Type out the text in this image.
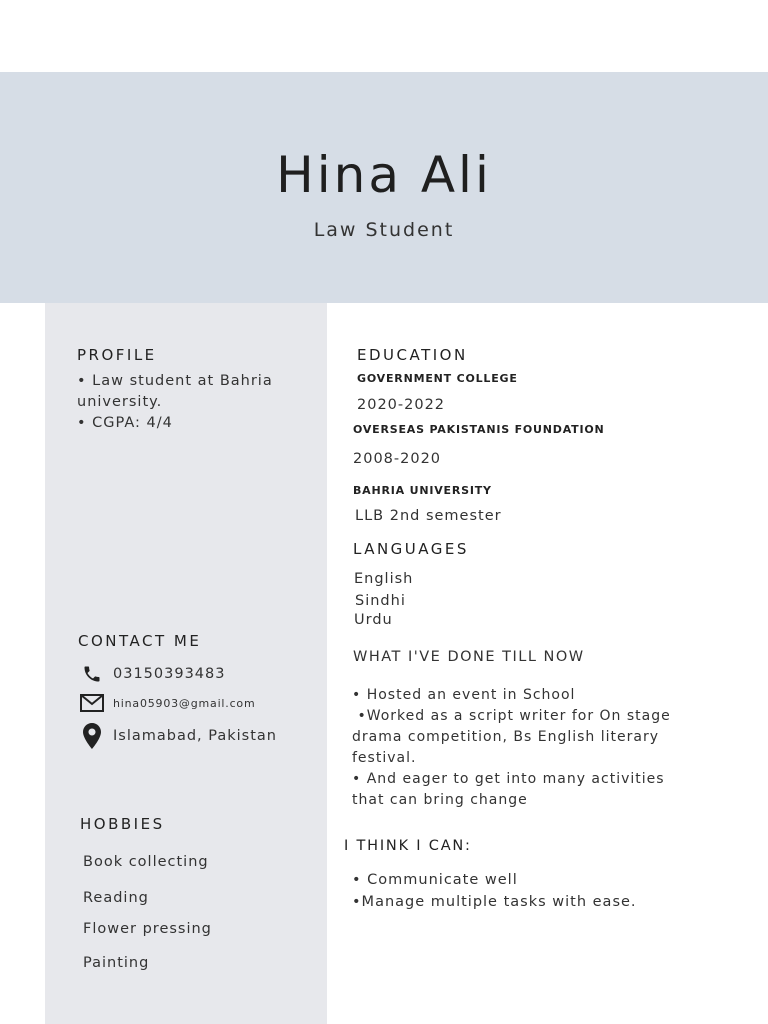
Hina Ali
Law Student
PROFILE
• Law student at Bahria
university.
• CGPA: 4/4
CONTACT ME
03150393483
hina05903@gmail.com
Islamabad, Pakistan
HOBBIES
Book collecting
Reading
Flower pressing
Painting
EDUCATION
GOVERNMENT COLLEGE
2020-2022
OVERSEAS PAKISTANIS FOUNDATION
2008-2020
BAHRIA UNIVERSITY
LLB 2nd semester
LANGUAGES
English
Sindhi
Urdu
WHAT I'VE DONE TILL NOW
• Hosted an event in School
•Worked as a script writer for On stage
drama competition, Bs English literary
festival.
• And eager to get into many activities
that can bring change
I THINK I CAN:
• Communicate well
•Manage multiple tasks with ease.
